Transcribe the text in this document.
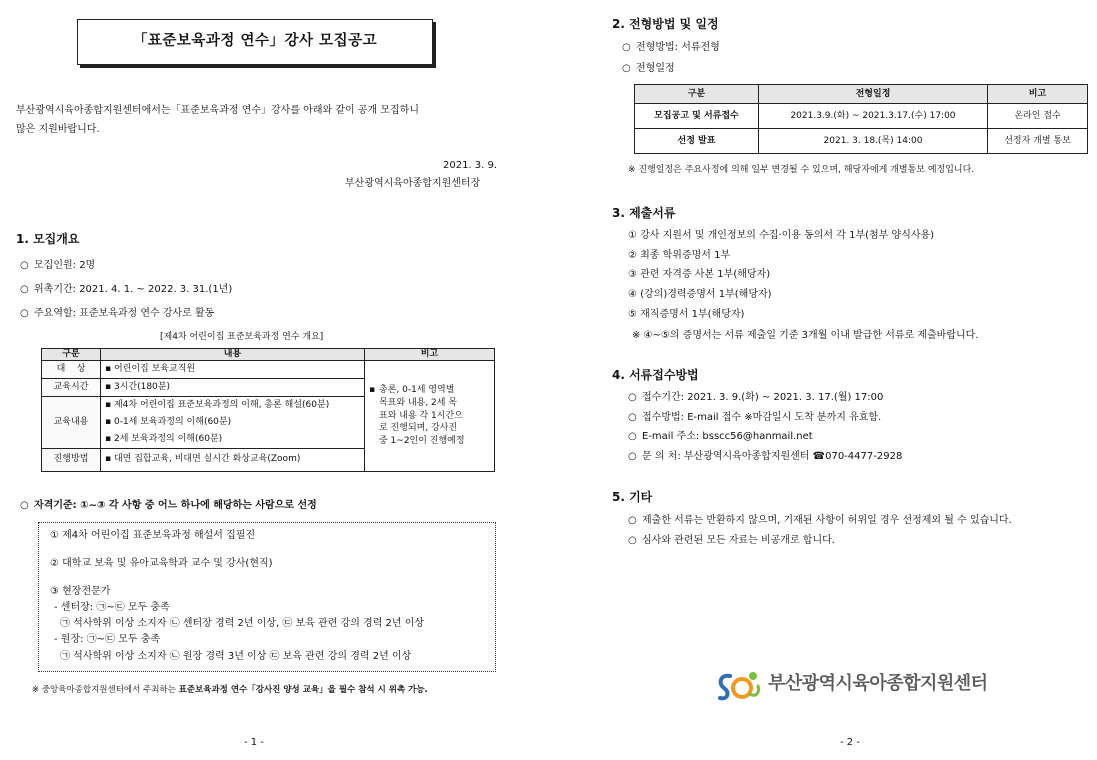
「표준보육과정 연수」강사 모집공고
부산광역시육아종합지원센터에서는「표준보육과정 연수」강사를 아래와 같이 공개 모집하니
많은 지원바랍니다.
2021. 3. 9.
부산광역시육아종합지원센터장
1. 모집개요
○ 모집인원: 2명
○ 위촉기간: 2021. 4. 1. ~ 2022. 3. 31.(1년)
○ 주요역할: 표준보육과정 연수 강사로 활동
[제4차 어린이집 표준보육과정 연수 개요]
구분	내용	비고
대    상	▪ 어린이집 보육교직원	▪ 총론, 0-1세 영역별 목표와 내용, 2세 목표와 내용 각 1시간으로 진행되며, 강사진 중 1~2인이 진행예정

교육시간	▪ 3시간(180분)	

교육내용	▪ 제4차 어린이집 표준보육과정의 이해, 총론 해설(60분)
▪ 0-1세 보육과정의 이해(60분)
▪ 2세 보육과정의 이해(60분)	

진행방법	▪ 대면 집합교육, 비대면 실시간 화상교육(Zoom)	
○ 자격기준: ①~③ 각 사항 중 어느 하나에 해당하는 사람으로 선정
① 제4차 어린이집 표준보육과정 해설서 집필진
② 대학교 보육 및 유아교육학과 교수 및 강사(현직)
③ 현장전문가
- 센터장: ㉠~㉢ 모두 충족
㉠ 석사학위 이상 소지자 ㉡ 센터장 경력 2년 이상, ㉢ 보육 관련 강의 경력 2년 이상
- 원장: ㉠~㉢ 모두 충족
㉠ 석사학위 이상 소지자 ㉡ 원장 경력 3년 이상 ㉢ 보육 관련 강의 경력 2년 이상
※ 중앙육아종합지원센터에서 주최하는 표준보육과정 연수「강사진 양성 교육」을 필수 참석 시 위촉 가능.
- 1 -
2. 전형방법 및 일정
○ 전형방법: 서류전형
○ 전형일정
구분	전형일정	비고
모집공고 및 서류접수	2021.3.9.(화) ~ 2021.3.17.(수) 17:00	온라인 접수
선정 발표	2021. 3. 18.(목) 14:00	선정자 개별 통보
※ 진행일정은 주요사정에 의해 일부 변경될 수 있으며, 해당자에게 개별통보 예정입니다.
3. 제출서류
① 강사 지원서 및 개인정보의 수집·이용 동의서 각 1부(첨부 양식사용)
② 최종 학위증명서 1부
③ 관련 자격증 사본 1부(해당자)
④ (강의)경력증명서 1부(해당자)
⑤ 재직증명서 1부(해당자)
※ ④~⑤의 증명서는 서류 제출일 기준 3개월 이내 발급한 서류로 제출바랍니다.
4. 서류접수방법
○ 접수기간: 2021. 3. 9.(화) ~ 2021. 3. 17.(월) 17:00
○ 접수방법: E-mail 접수 ※마감일시 도착 분까지 유효함.
○ E-mail 주소: bsscc56@hanmail.net
○ 문 의 처: 부산광역시육아종합지원센터 ☎070-4477-2928
5. 기타
○ 제출한 서류는 반환하지 않으며, 기재된 사항이 허위일 경우 선정제외 될 수 있습니다.
○ 심사와 관련된 모든 자료는 비공개로 합니다.
부산광역시육아종합지원센터
- 2 -
